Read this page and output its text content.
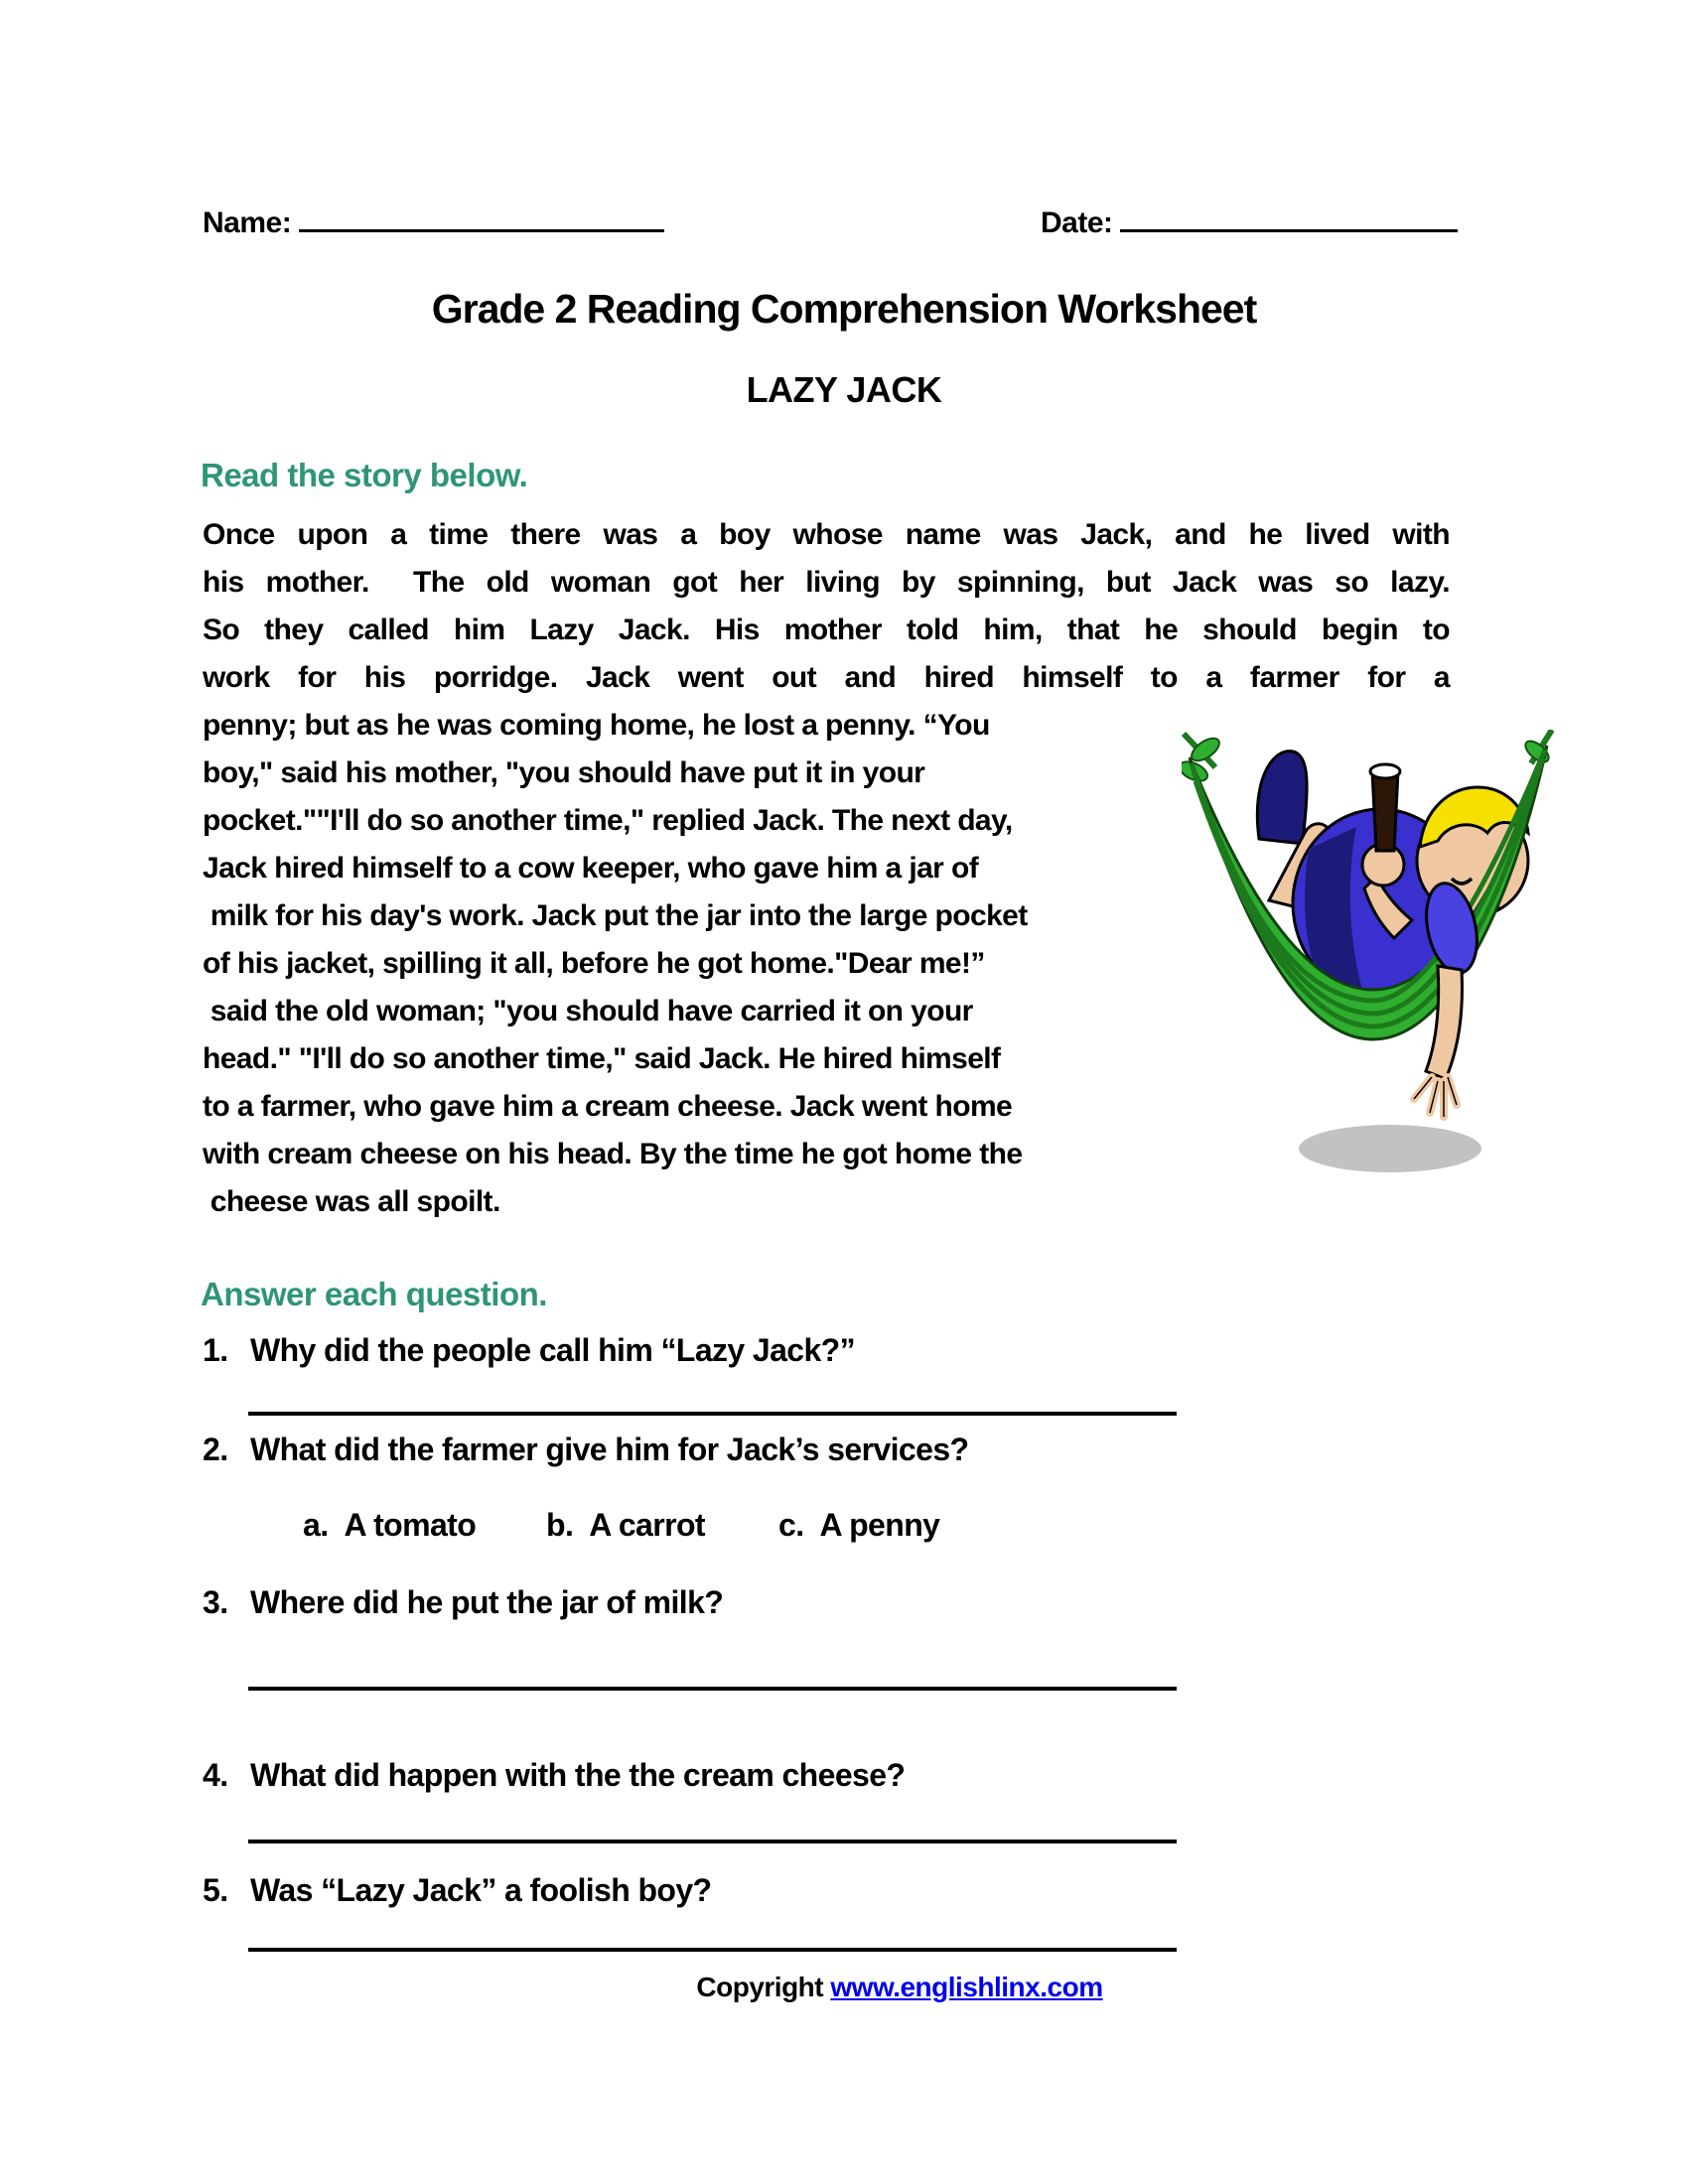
Name:	Date:
Grade 2 Reading Comprehension Worksheet
LAZY JACK
Read the story below.
Once upon a time there was a boy whose name was Jack, and he lived with
his mother.  The old woman got her living by spinning, but Jack was so lazy.
So they called him Lazy Jack. His mother told him, that he should begin to
work for his porridge. Jack went out and hired himself to a farmer for a
penny; but as he was coming home, he lost a penny. “You
boy," said his mother, "you should have put it in your
pocket.""I'll do so another time," replied Jack. The next day,
Jack hired himself to a cow keeper, who gave him a jar of
milk for his day's work. Jack put the jar into the large pocket
of his jacket, spilling it all, before he got home."Dear me!”
said the old woman; "you should have carried it on your
head." "I'll do so another time," said Jack. He hired himself
to a farmer, who gave him a cream cheese. Jack went home
with cream cheese on his head. By the time he got home the
cheese was all spoilt.
Answer each question.
1. Why did the people call him “Lazy Jack?”
2. What did the farmer give him for Jack’s services?
a. A tomato b. A carrot c. A penny
3. Where did he put the jar of milk?
4. What did happen with the the cream cheese?
5. Was “Lazy Jack” a foolish boy?
Copyright www.englishlinx.com
